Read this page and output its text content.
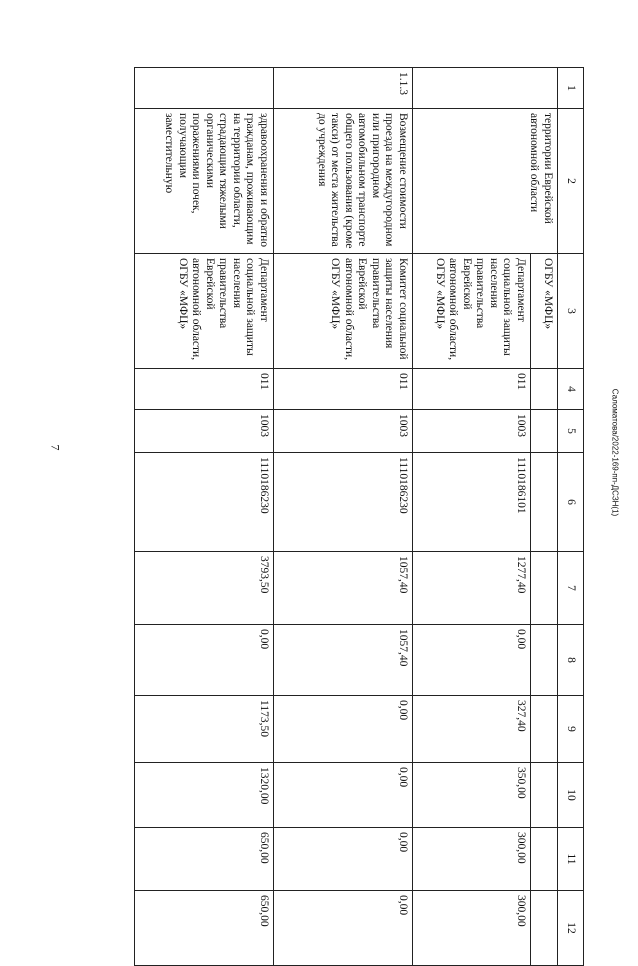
7	Саломатова/2022-169-пп-ДСЗН(1)
1	2	3	4	5	6	7	8	9	10	11	12
	территории Еврейской автономной области	ОГБУ «МФЦ»									
		Департамент социальной защиты населения правительства Еврейской автономной области, ОГБУ «МФЦ»	011	1003	1110186101	1277,40	0,00	327,40	350,00	300,00	300,00
1.1.3	Возмещение стоимости проезда на междугородном или пригородном автомобильном транспорте общего пользования (кроме такси) от места жительства до учреждения	Комитет социальной защиты населения правительства Еврейской автономной области, ОГБУ «МФЦ»	011	1003	1110186230	1057,40	1057,40	0,00	0,00	0,00	0,00
	здравоохранения и обратно гражданам, проживающим на территории области, страдающим тяжелыми органическими поражениями почек, получающим заместительную	Департамент социальной защиты населения правительства Еврейской автономной области, ОГБУ «МФЦ»	011	1003	1110186230	3793,50	0,00	1173,50	1320,00	650,00	650,00
